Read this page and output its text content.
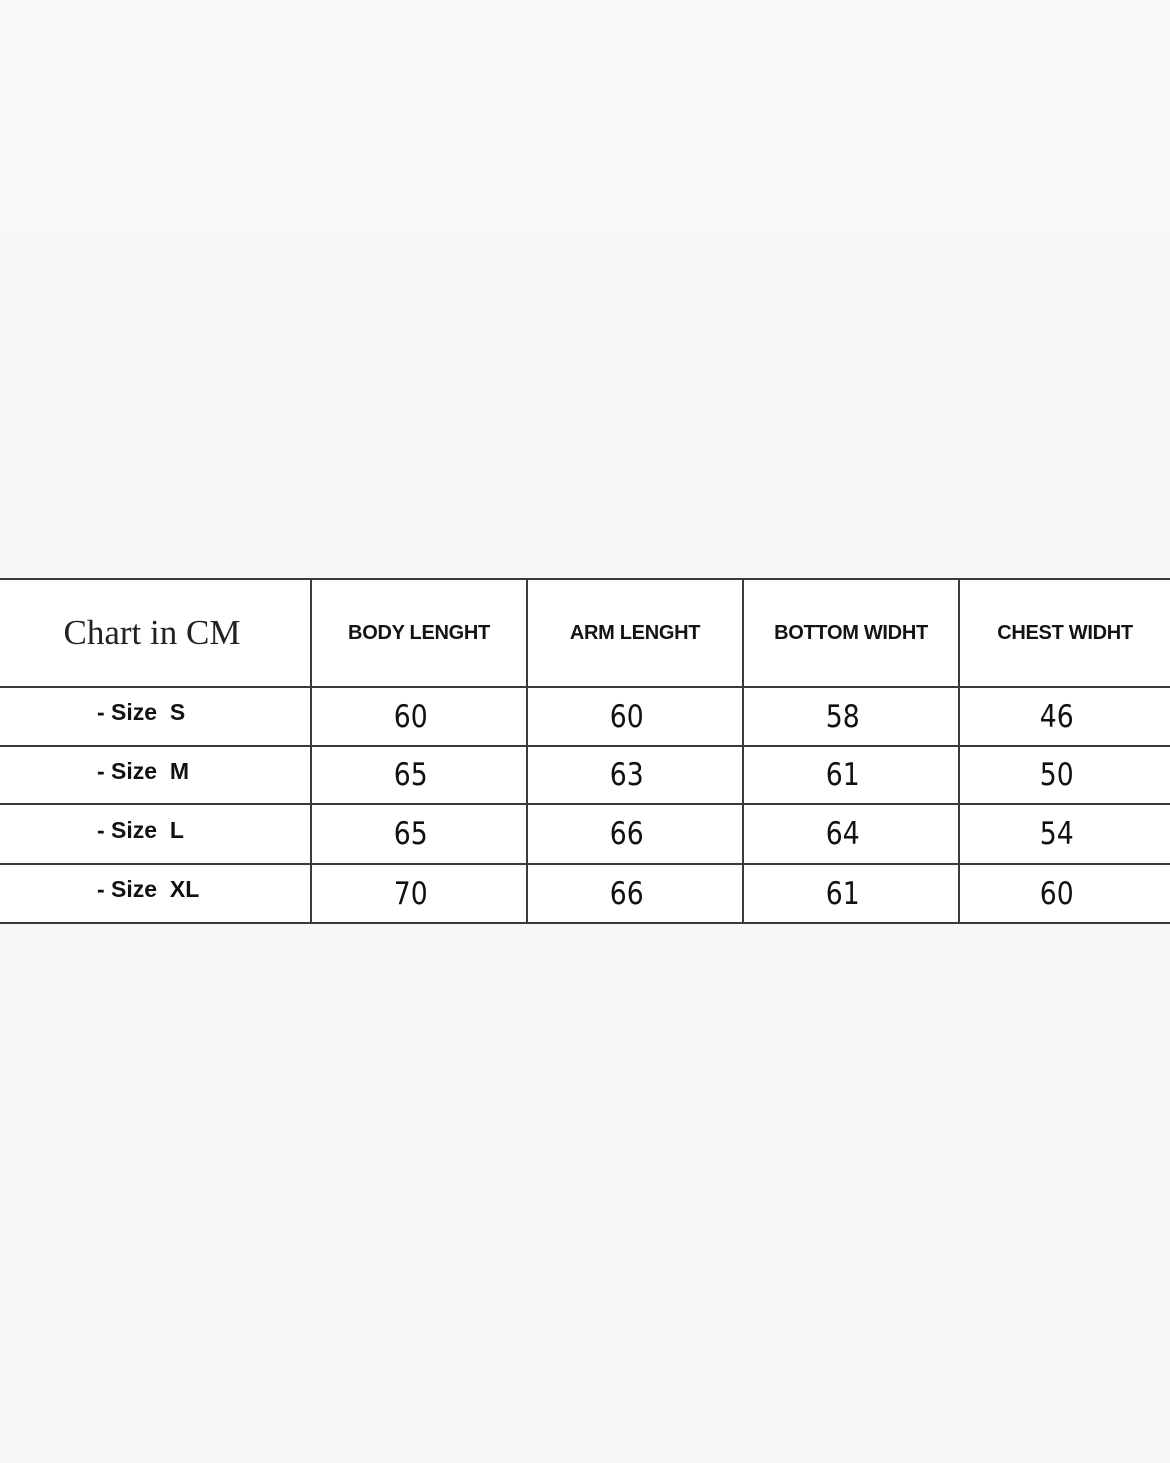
Chart in CM	BODY LENGHT	ARM LENGHT	BOTTOM WIDHT	CHEST WIDHT
- Size  S	60	60	58	46
- Size  M	65	63	61	50
- Size  L	65	66	64	54
- Size  XL	70	66	61	60
